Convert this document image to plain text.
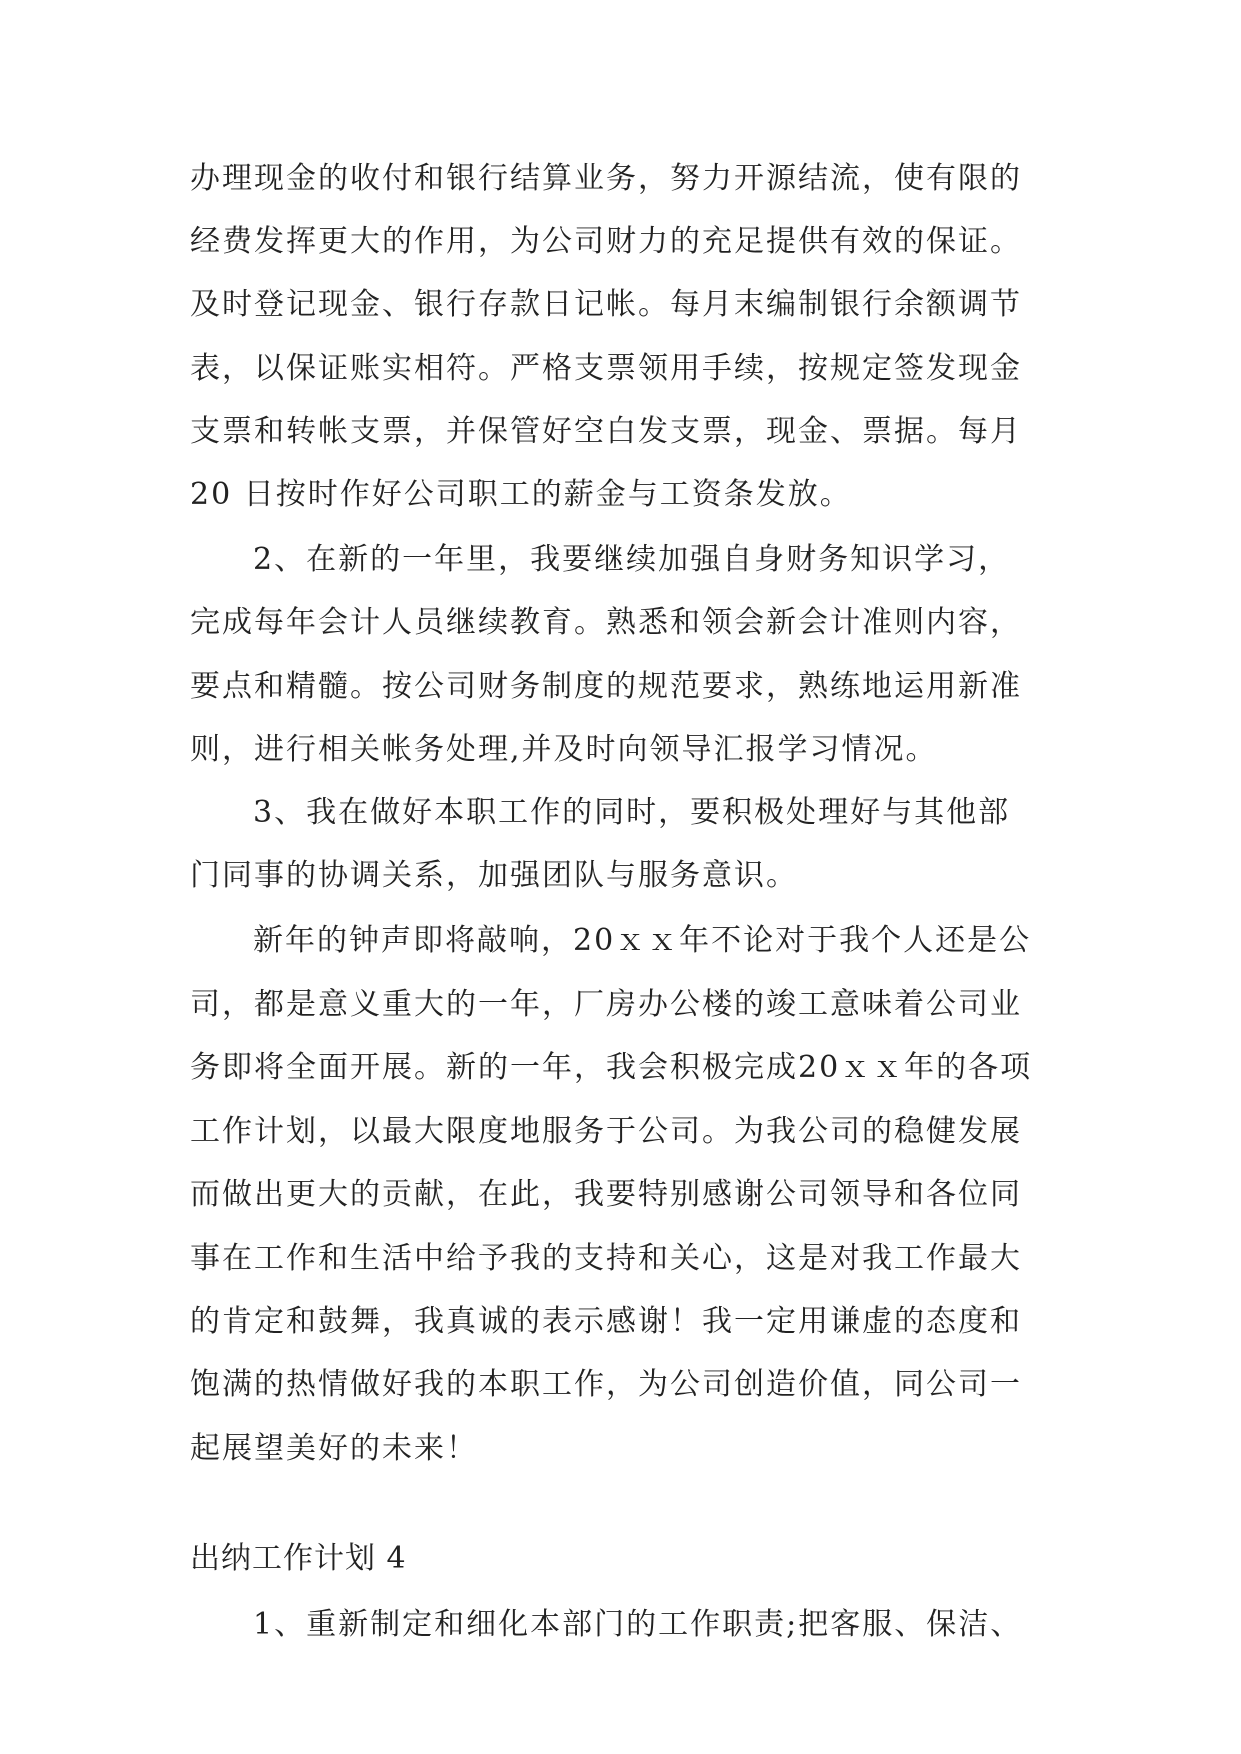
办理现金的收付和银行结算业务，努力开源结流，使有限的
经费发挥更大的作用，为公司财力的充足提供有效的保证。
及时登记现金、银行存款日记帐。每月末编制银行余额调节
表，以保证账实相符。严格支票领用手续，按规定签发现金
支票和转帐支票，并保管好空白发支票，现金、票据。每月
20 日按时作好公司职工的薪金与工资条发放。
2、在新的一年里，我要继续加强自身财务知识学习，
完成每年会计人员继续教育。熟悉和领会新会计准则内容，
要点和精髓。按公司财务制度的规范要求，熟练地运用新准
则，进行相关帐务处理,并及时向领导汇报学习情况。
3、我在做好本职工作的同时，要积极处理好与其他部
门同事的协调关系，加强团队与服务意识。
新年的钟声即将敲响，20ｘｘ年不论对于我个人还是公
司，都是意义重大的一年，厂房办公楼的竣工意味着公司业
务即将全面开展。新的一年，我会积极完成20ｘｘ年的各项
工作计划，以最大限度地服务于公司。为我公司的稳健发展
而做出更大的贡献，在此，我要特别感谢公司领导和各位同
事在工作和生活中给予我的支持和关心，这是对我工作最大
的肯定和鼓舞，我真诚的表示感谢！我一定用谦虚的态度和
饱满的热情做好我的本职工作，为公司创造价值，同公司一
起展望美好的未来！
出纳工作计划 4
1、重新制定和细化本部门的工作职责;把客服、保洁、
